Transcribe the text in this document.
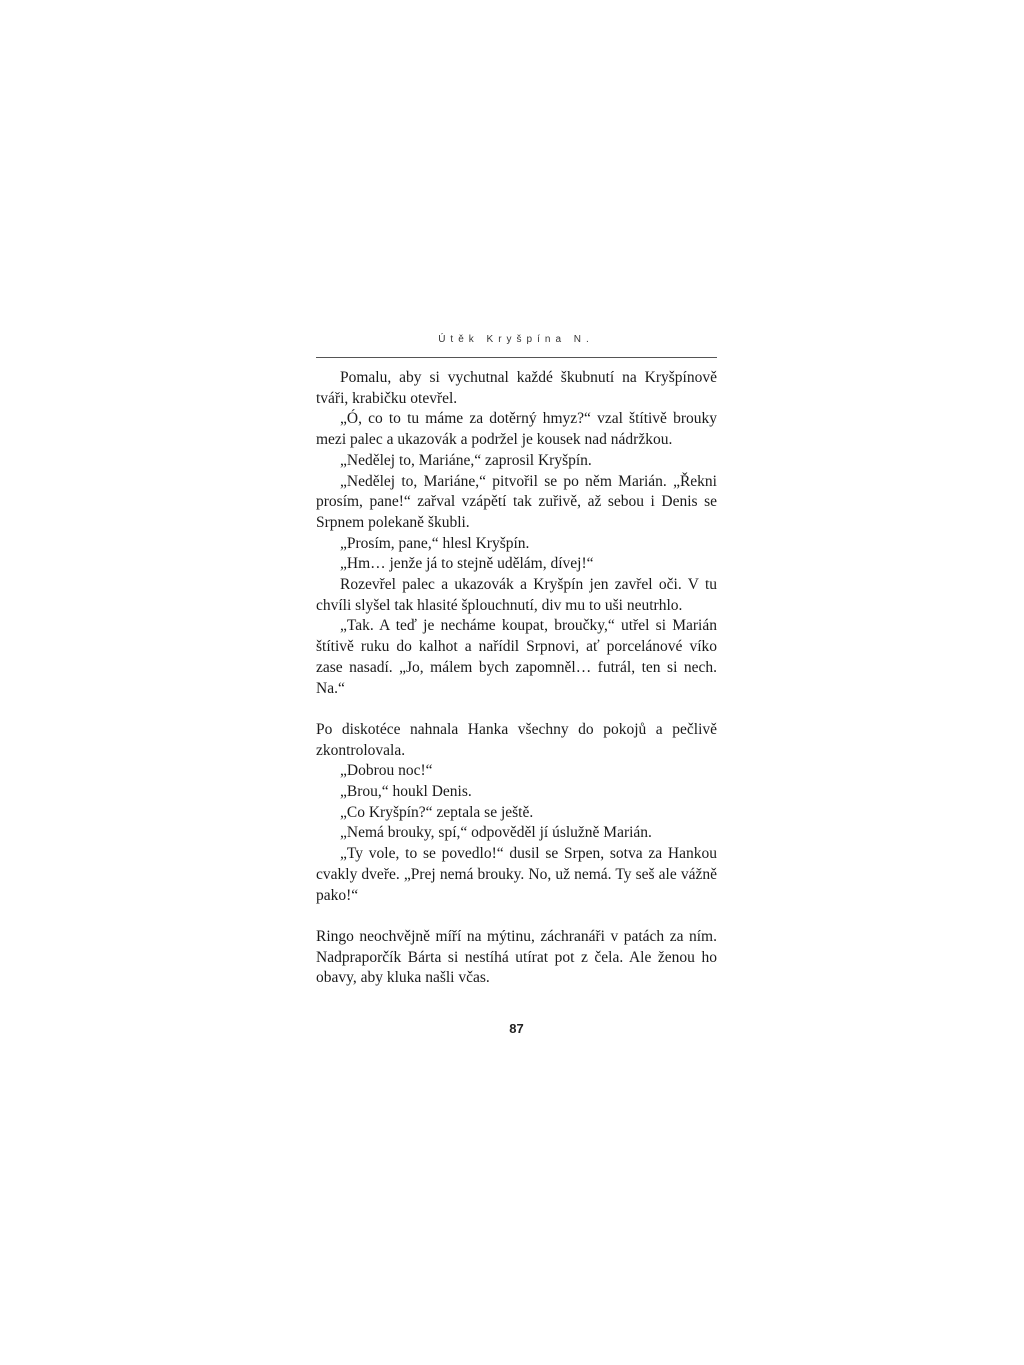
Útěk Kryšpína N.

Pomalu, aby si vychutnal každé škubnutí na Kryšpínově tváři, krabičku otevřel.

„Ó, co to tu máme za dotěrný hmyz?“ vzal štítivě brouky mezi palec a ukazovák a podržel je kousek nad nádržkou.

„Nedělej to, Mariáne,“ zaprosil Kryšpín.

„Nedělej to, Mariáne,“ pitvořil se po něm Marián. „Řekni prosím, pane!“ zařval vzápětí tak zuřivě, až sebou i Denis se Srpnem polekaně škubli.

„Prosím, pane,“ hlesl Kryšpín.

„Hm… jenže já to stejně udělám, dívej!“

Rozevřel palec a ukazovák a Kryšpín jen zavřel oči. V tu chvíli slyšel tak hlasité šplouchnutí, div mu to uši neutrhlo.

„Tak. A teď je necháme koupat, broučky,“ utřel si Marián štítivě ruku do kalhot a nařídil Srpnovi, ať porcelánové víko zase nasadí. „Jo, málem bych zapomněl… futrál, ten si nech. Na.“

Po diskotéce nahnala Hanka všechny do pokojů a pečlivě zkontrolovala.

„Dobrou noc!“

„Brou,“ houkl Denis.

„Co Kryšpín?“ zeptala se ještě.

„Nemá brouky, spí,“ odpověděl jí úslužně Marián.

„Ty vole, to se povedlo!“ dusil se Srpen, sotva za Hankou cvakly dveře. „Prej nemá brouky. No, už nemá. Ty seš ale vážně pako!“

Ringo neochvějně míří na mýtinu, záchranáři v patách za ním. Nadpraporčík Bárta si nestíhá utírat pot z čela. Ale ženou ho obavy, aby kluka našli včas.

87
